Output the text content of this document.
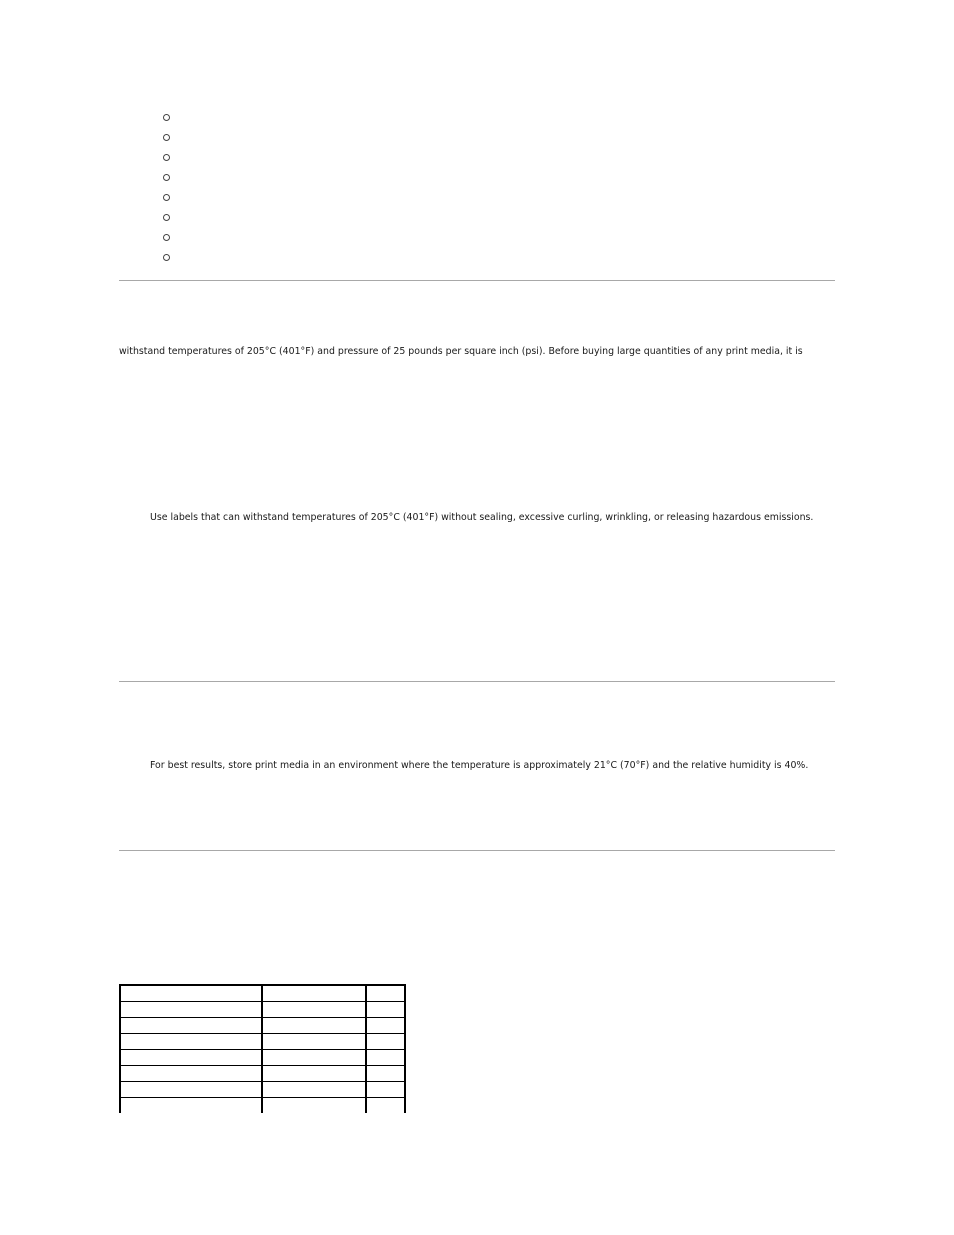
withstand temperatures of 205°C (401°F) and pressure of 25 pounds per square inch (psi). Before buying large quantities of any print media, it is
Use labels that can withstand temperatures of 205°C (401°F) without sealing, excessive curling, wrinkling, or releasing hazardous emissions.
For best results, store print media in an environment where the temperature is approximately 21°C (70°F) and the relative humidity is 40%.
